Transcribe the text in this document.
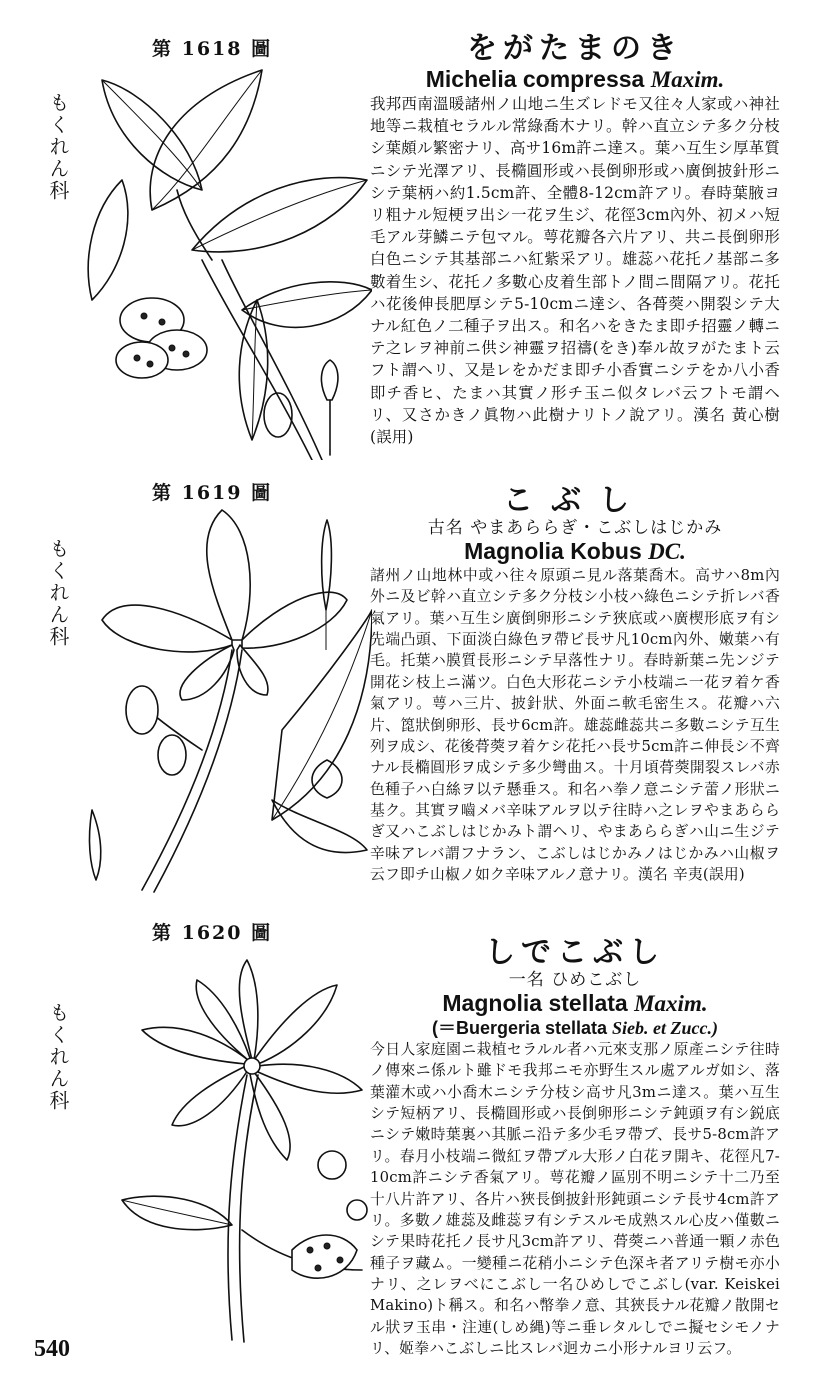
第 1618 圖
もくれん科
をがたまのき
Michelia compressa Maxim.

我邦西南溫暖諸州ノ山地ニ生ズレドモ又往々人家或ハ神社地等ニ栽植セラルル常綠喬木ナリ。幹ハ直立シテ多ク分枝シ葉頗ル繁密ナリ、高サ16m許ニ達ス。葉ハ互生シ厚革質ニシテ光澤アリ、長橢圓形或ハ長倒卵形或ハ廣倒披針形ニシテ葉柄ハ約1.5cm許、全體8-12cm許アリ。春時葉腋ヨリ粗ナル短梗ヲ出シ一花ヲ生ジ、花徑3cm內外、初メハ短毛アル芽鱗ニテ包マル。萼花瓣各六片アリ、共ニ長倒卵形白色ニシテ其基部ニハ紅紫采アリ。雄蕊ハ花托ノ基部ニ多數着生シ、花托ノ多數心皮着生部トノ間ニ間隔アリ。花托ハ花後伸長肥厚シテ5-10cmニ達シ、各蓇葖ハ開裂シテ大ナル紅色ノ二種子ヲ出ス。和名ハをきたま即チ招靈ノ轉ニテ之レヲ神前ニ供シ神靈ヲ招禱(をき)奉ル故ヲがたまト云フト謂ヘリ、又是レをかだま即チ小香實ニシテをか八小香即チ香ヒ、たまハ其實ノ形チ玉ニ似タレバ云フトモ謂ヘリ、又さかきノ眞物ハ此樹ナリトノ說アリ。漢名 黃心樹(誤用)

第 1619 圖
もくれん科
こぶし
古名 やまあららぎ・こぶしはじかみ
Magnolia Kobus DC.

諸州ノ山地林中或ハ往々原頭ニ見ル落葉喬木。高サハ8m內外ニ及ビ幹ハ直立シテ多ク分枝シ小枝ハ綠色ニシテ折レバ香氣アリ。葉ハ互生シ廣倒卵形ニシテ狹底或ハ廣楔形底ヲ有シ先端凸頭、下面淡白綠色ヲ帶ビ長サ凡10cm內外、嫩葉ハ有毛。托葉ハ膜質長形ニシテ早落性ナリ。春時新葉ニ先ンジテ開花シ枝上ニ滿ツ。白色大形花ニシテ小枝端ニ一花ヲ着ケ香氣アリ。萼ハ三片、披針狀、外面ニ軟毛密生ス。花瓣ハ六片、箆狀倒卵形、長サ6cm許。雄蕊雌蕊共ニ多數ニシテ互生列ヲ成シ、花後蓇葖ヲ着ケシ花托ハ長サ5cm許ニ伸長シ不齊ナル長橢圓形ヲ成シテ多少彎曲ス。十月頃蓇葖開裂スレバ赤色種子ハ白絲ヲ以テ懸垂ス。和名ハ拳ノ意ニシテ蕾ノ形狀ニ基ク。其實ヲ嚙メバ辛味アルヲ以テ往時ハ之レヲやまあららぎ又ハこぶしはじかみト謂ヘリ、やまあららぎハ山ニ生ジテ辛味アレバ謂フナラン、こぶしはじかみノはじかみハ山椒ヲ云フ即チ山椒ノ如ク辛味アルノ意ナリ。漢名 辛夷(誤用)

第 1620 圖
もくれん科
しでこぶし
一名 ひめこぶし
Magnolia stellata Maxim.
(＝Buergeria stellata Sieb. et Zucc.)

今日人家庭園ニ栽植セラルル者ハ元來支那ノ原產ニシテ往時ノ傳來ニ係ルト雖ドモ我邦ニモ亦野生スル處アルガ如シ、落葉灌木或ハ小喬木ニシテ分枝シ高サ凡3mニ達ス。葉ハ互生シテ短柄アリ、長橢圓形或ハ長倒卵形ニシテ鈍頭ヲ有シ鋭底ニシテ嫩時葉裏ハ其脈ニ沿テ多少毛ヲ帶ブ、長サ5-8cm許アリ。春月小枝端ニ微紅ヲ帶ブル大形ノ白花ヲ開キ、花徑凡7-10cm許ニシテ香氣アリ。萼花瓣ノ區別不明ニシテ十二乃至十八片許アリ、各片ハ狹長倒披針形鈍頭ニシテ長サ4cm許アリ。多數ノ雄蕊及雌蕊ヲ有シテスルモ成熟スル心皮ハ僅數ニシテ果時花托ノ長サ凡3cm許アリ、蓇葖ニハ普通一顆ノ赤色種子ヲ藏ム。一變種ニ花稍小ニシテ色深キ者アリテ樹モ亦小ナリ、之レヲべにこぶし一名ひめしでこぶし(var. Keiskei Makino)ト稱ス。和名ハ幣拳ノ意、其狹長ナル花瓣ノ散開セル狀ヲ玉串・注連(しめ縄)等ニ垂レタルしでニ擬セシモノナリ、姬拳ハこぶしニ比スレバ迥カニ小形ナルヨリ云フ。

540
